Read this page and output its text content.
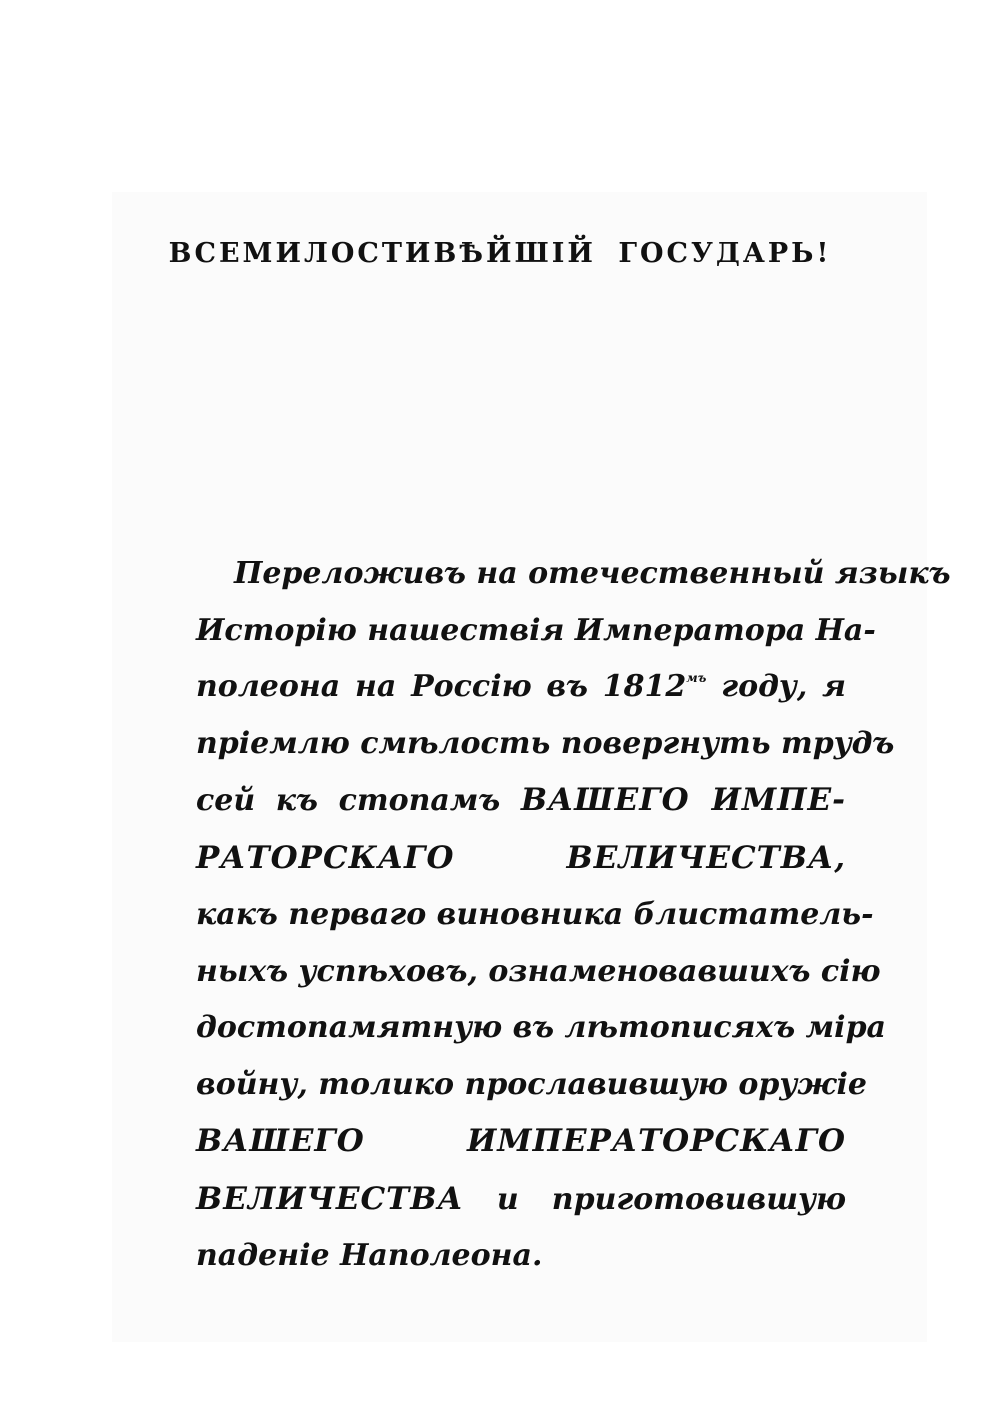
ВСЕМИЛОСТИВѢЙШІЙ ГОСУДАРЬ!
Переложивъ на отечественный языкъ
Исторію нашествія Императора На-
полеона на Россію въ $1812^{мъ}$ году, я
пріемлю смѣлость повергнуть трудъ
сей къ стопамъ ВАШЕГО ИМПЕ-
РАТОРСКАГО ВЕЛИЧЕСТВА,
какъ перваго виновника блистатель-
ныхъ успѣховъ, ознаменовавшихъ сію
достопамятную въ лѣтописяхъ міра
войну, толико прославившую оружіе
ВАШЕГО ИМПЕРАТОРСКАГО
ВЕЛИЧЕСТВА и приготовившую
паденіе Наполеона.
